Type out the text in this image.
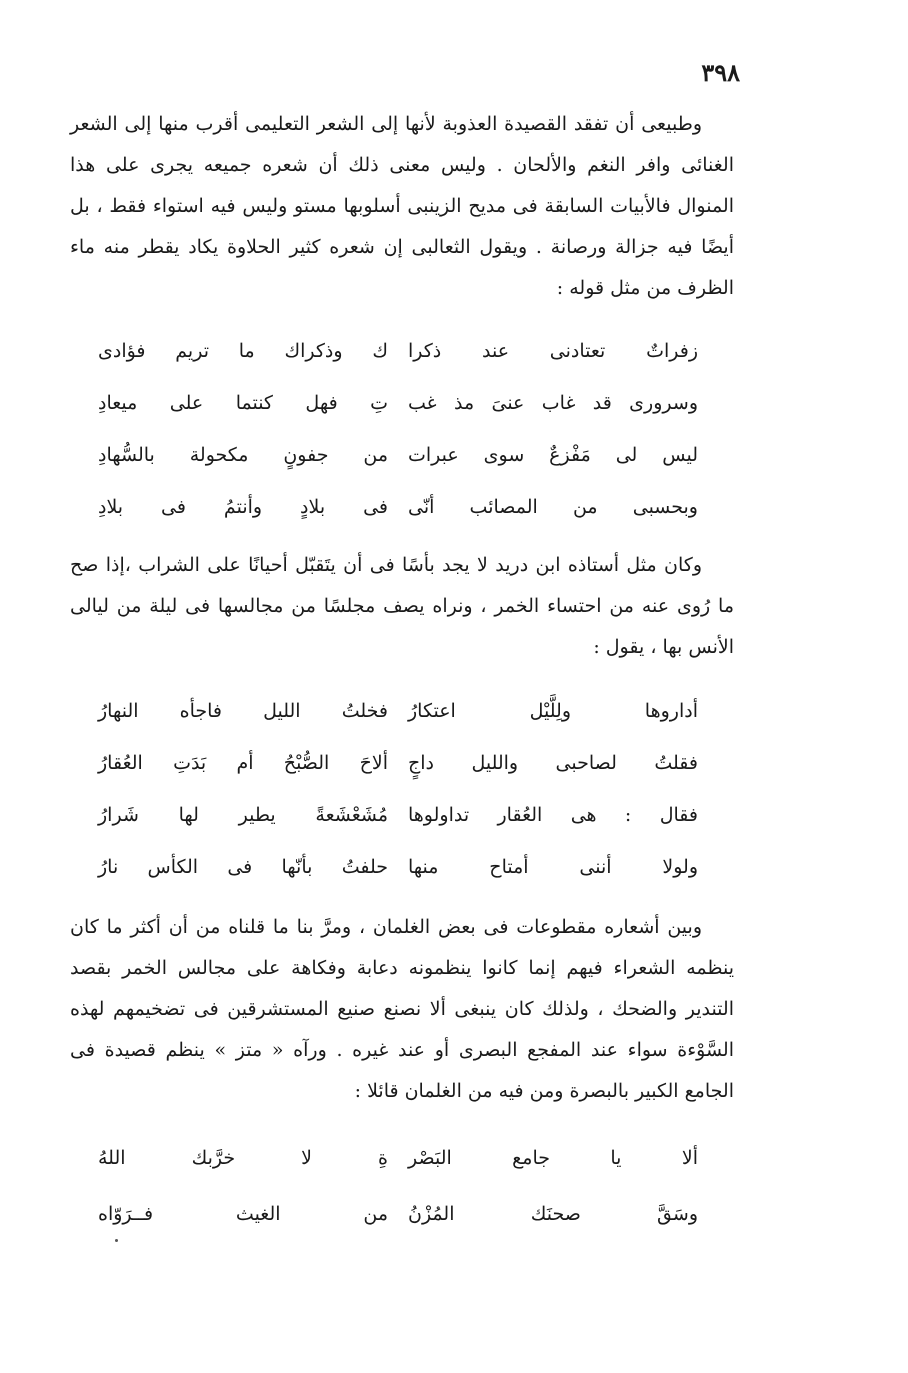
٣٩٨

وطبيعى أن تفقد القصيدة العذوبة لأنها إلى الشعر التعليمى أقرب منها إلى الشعر الغنائى وافر النغم والألحان . وليس معنى ذلك أن شعره جميعه يجرى على هذا المنوال فالأبيات السابقة فى مديح الزينبى أسلوبها مستو وليس فيه استواء فقط ، بل أيضًا فيه جزالة ورصانة . ويقول الثعالبى إن شعره كثير الحلاوة يكاد يقطر منه ماء الظرف من مثل قوله :

زفراتٌ تعتادنى عند ذكرا
ك وذكراك ما تريم فؤادى
وسرورى قد غاب عنىَ مذ غب
تِ فهل كنتما على ميعادِ
ليس لى مَفْزعٌ سوى عبرات
من جفونٍ مكحولة بالسُّهادِ
وبحسبى من المصائب أنّى
فى بلادٍ وأنتمُ فى بلادِ

وكان مثل أستاذه ابن دريد لا يجد بأسًا فى أن يتَقبّل أحيانًا على الشراب ،إذا صح ما رُوى عنه من احتساء الخمر ، ونراه يصف مجلسًا من مجالسها فى ليلة من ليالى الأنس بها ، يقول :

أداروها ولِلَّيْل اعتكارُ
فخلتُ الليل فاجأه النهارُ
فقلتُ لصاحبى والليل داجٍ
ألاحَ الصُّبْحُ أم بَدَتِ العُقارُ
فقال : هى العُقار تداولوها
مُشَعْشَعةً يطير لها شَرارُ
ولولا أننى أمتاح منها
حلفتُ بأنّها فى الكأس نارُ

وبين أشعاره مقطوعات فى بعض الغلمان ، ومرَّ بنا ما قلناه من أن أكثر ما كان ينظمه الشعراء فيهم إنما كانوا ينظمونه دعابة وفكاهة على مجالس الخمر بقصد التندير والضحك ، ولذلك كان ينبغى ألا نصنع صنيع المستشرقين فى تضخيمهم لهذه السَّوْءة سواء عند المفجع البصرى أو عند غيره . ورآه « متز » ينظم قصيدة فى الجامع الكبير بالبصرة ومن فيه من الغلمان قائلا :

ألا يا جامع البَصْر
ةِ لا خرَّبك اللهُ
وسَقَّ صحنَك المُزْنُ
من الغيث فــرَوّاه
